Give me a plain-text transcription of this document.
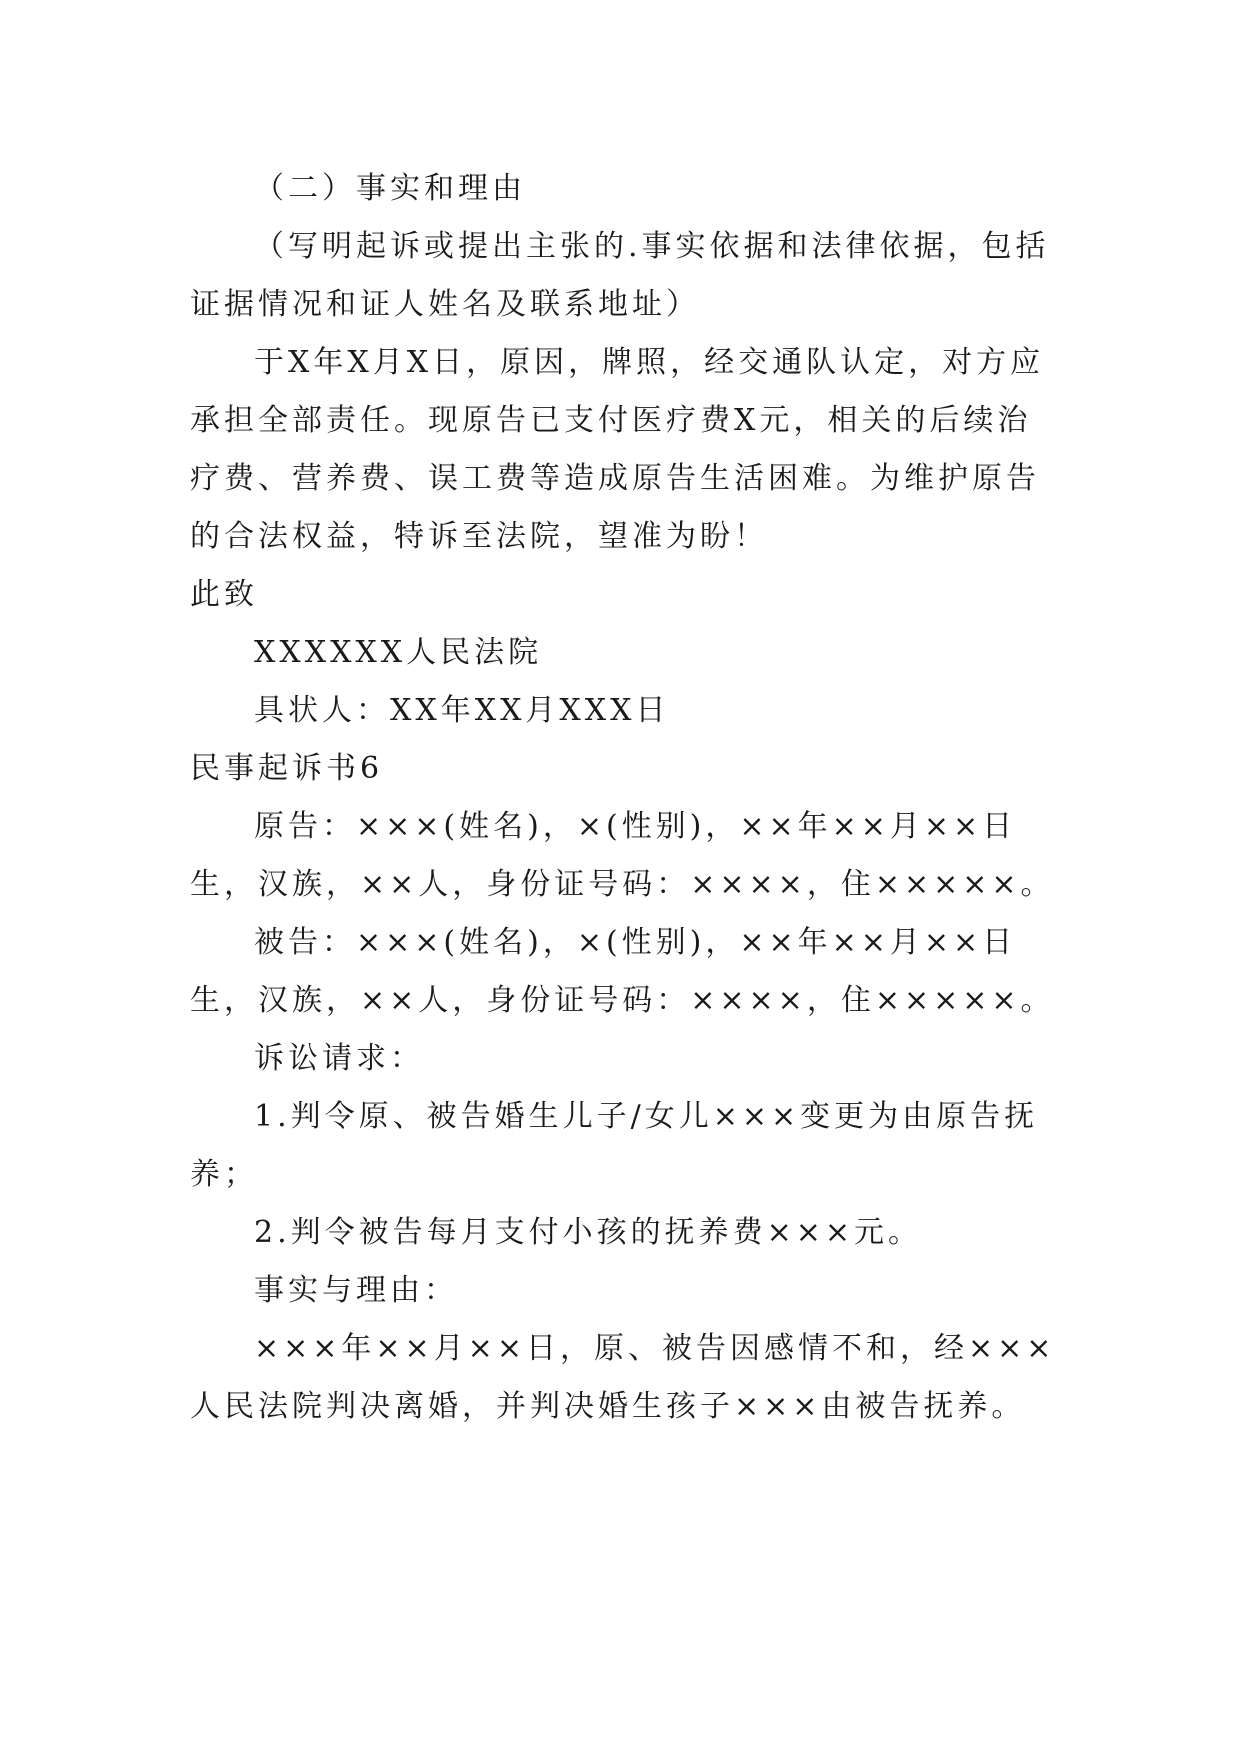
（二）事实和理由

（写明起诉或提出主张的.事实依据和法律依据，包括证据情况和证人姓名及联系地址）

于X年X月X日，原因，牌照，经交通队认定，对方应承担全部责任。现原告已支付医疗费X元，相关的后续治疗费、营养费、误工费等造成原告生活困难。为维护原告的合法权益，特诉至法院，望准为盼！

此致

XXXXXX人民法院

具状人：XX年XX月XXX日

民事起诉书6

原告：×××(姓名)，×(性别)，××年××月××日生，汉族，××人，身份证号码：××××，住×××××。

被告：×××(姓名)，×(性别)，××年××月××日生，汉族，××人，身份证号码：××××，住×××××。

诉讼请求：

1.判令原、被告婚生儿子/女儿×××变更为由原告抚养；

2.判令被告每月支付小孩的抚养费×××元。

事实与理由：

×××年××月××日，原、被告因感情不和，经×××人民法院判决离婚，并判决婚生孩子×××由被告抚养。
